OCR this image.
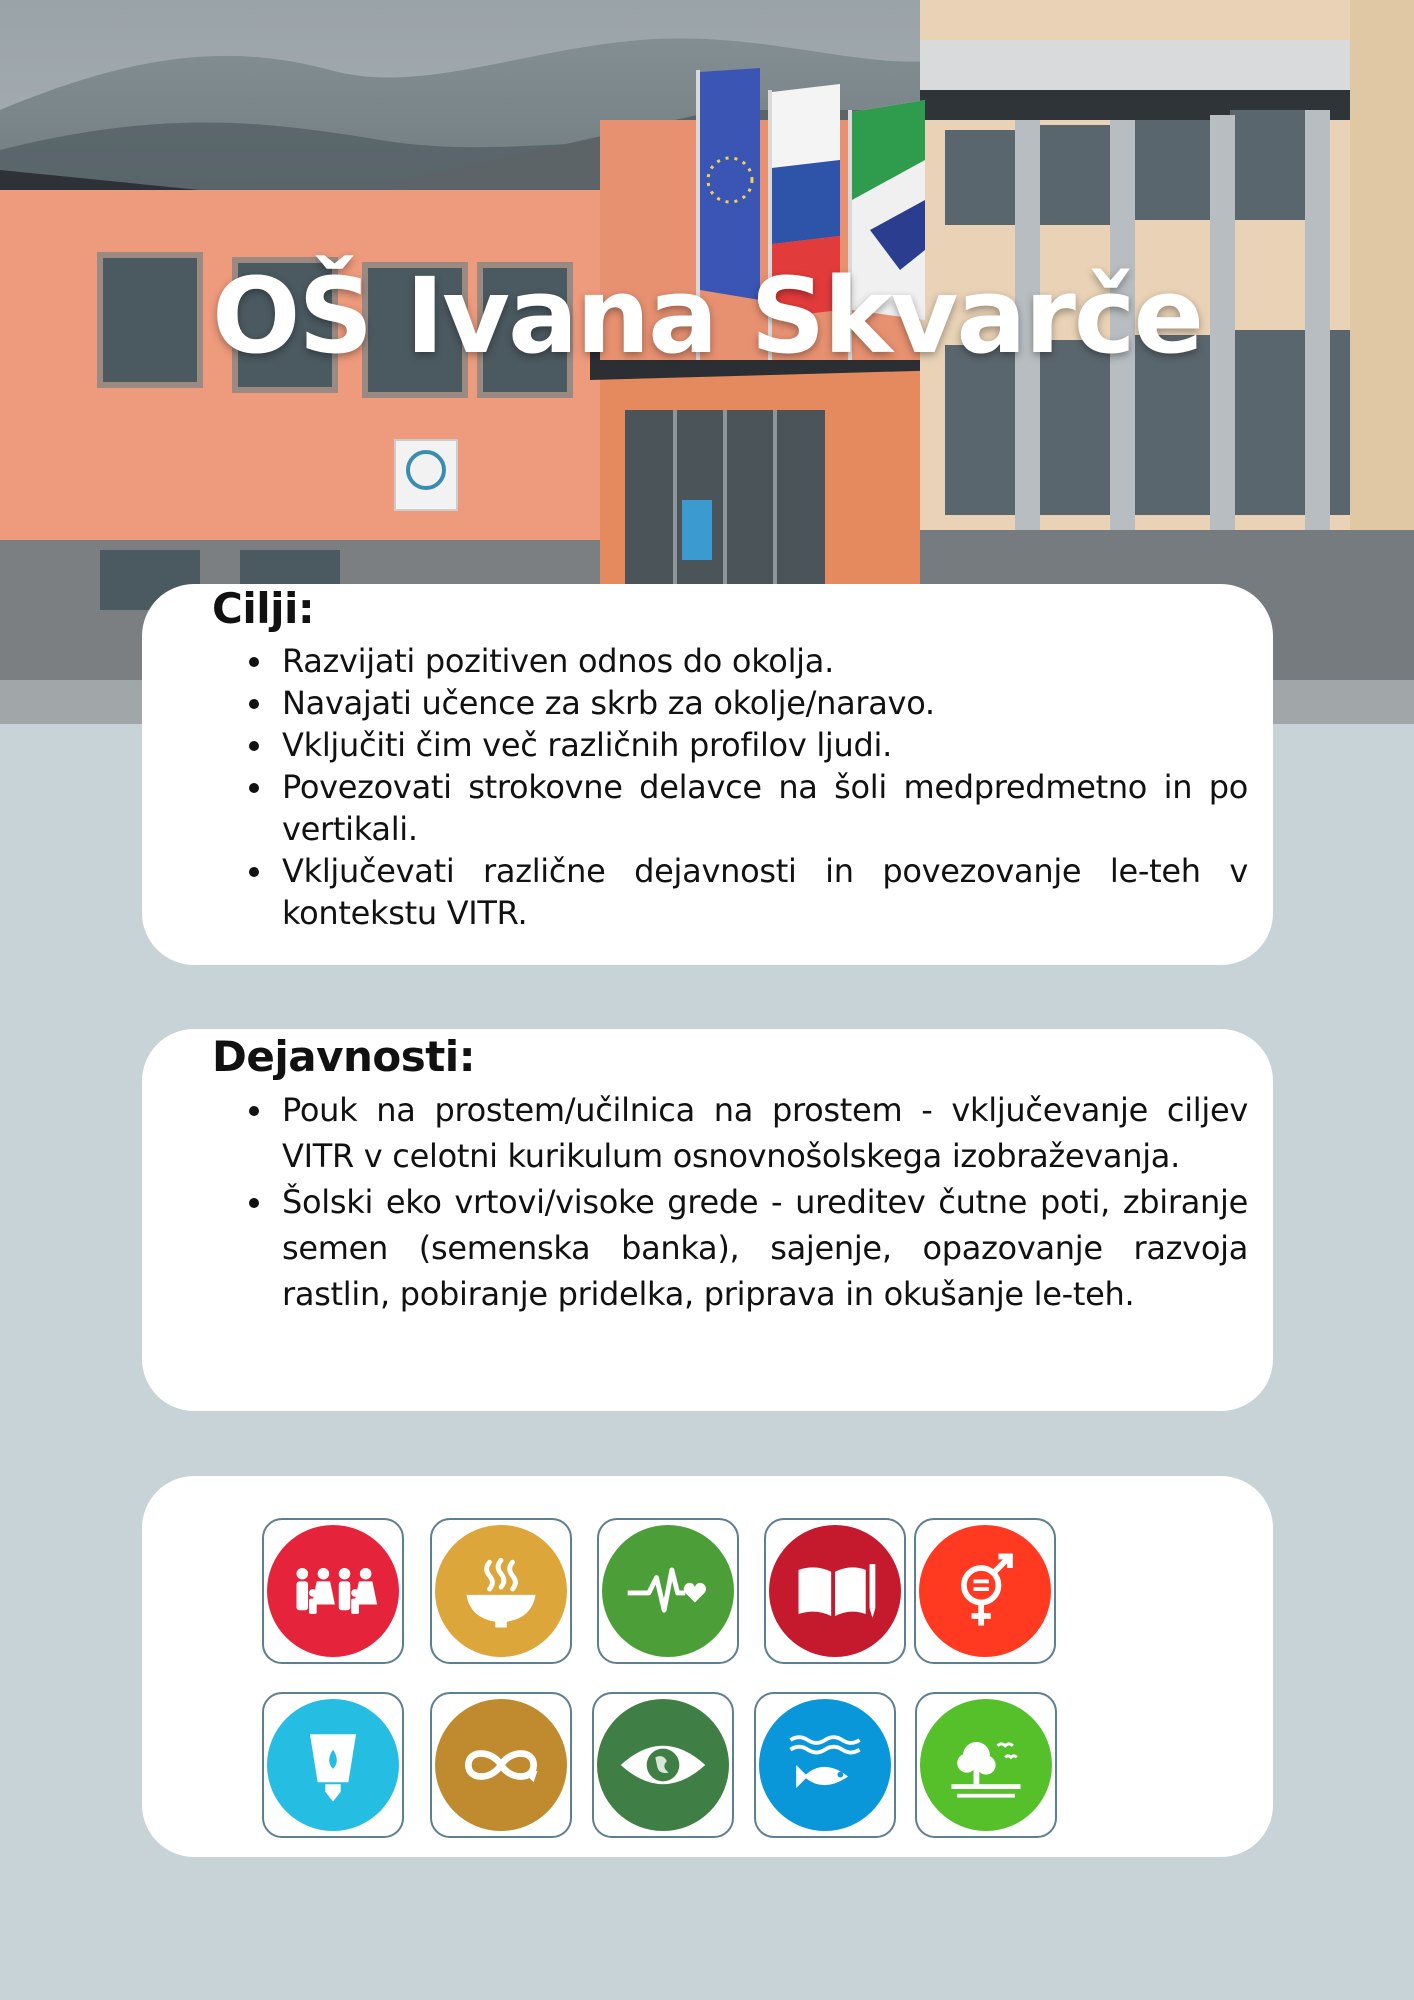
OŠ Ivana Skvarče
Cilji:
• Razvijati pozitiven odnos do okolja.
• Navajati učence za skrb za okolje/naravo.
• Vključiti čim več različnih profilov ljudi.
• Povezovati strokovne delavce na šoli medpredmetno in po vertikali.
• Vključevati različne dejavnosti in povezovanje le-teh v kontekstu VITR.
Dejavnosti:
• Pouk na prostem/učilnica na prostem - vključevanje ciljev VITR v celotni kurikulum osnovnošolskega izobraževanja.
• Šolski eko vrtovi/visoke grede - ureditev čutne poti, zbiranje semen (semenska banka), sajenje, opazovanje razvoja rastlin, pobiranje pridelka, priprava in okušanje le-teh.
